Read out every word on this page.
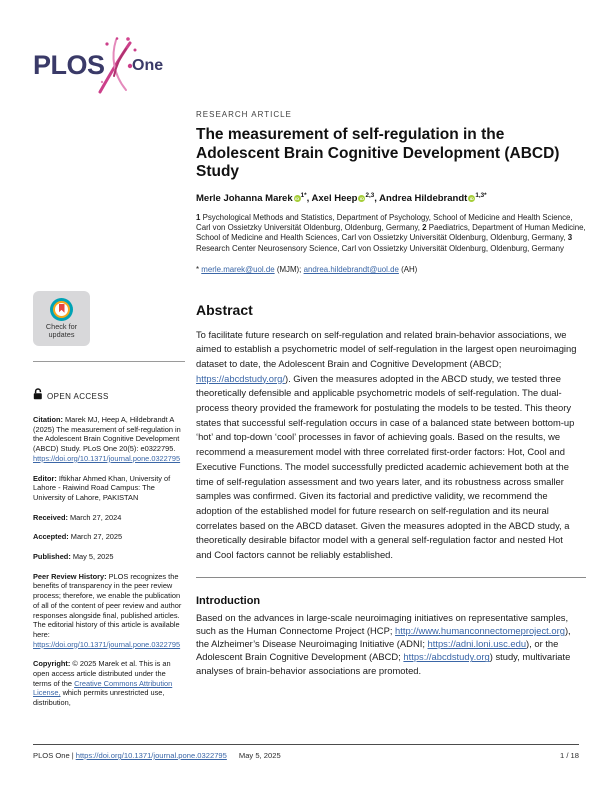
PLOS One
Check for
updates
OPEN ACCESS

Citation: Marek MJ, Heep A, Hildebrandt A (2025) The measurement of self-regulation in the Adolescent Brain Cognitive Development (ABCD) Study. PLoS One 20(5): e0322795. https://doi.org/10.1371/journal.pone.0322795

Editor: Iftikhar Ahmed Khan, University of Lahore - Raiwind Road Campus: The University of Lahore, PAKISTAN

Received: March 27, 2024

Accepted: March 27, 2025

Published: May 5, 2025

Peer Review History: PLOS recognizes the benefits of transparency in the peer review process; therefore, we enable the publication of all of the content of peer review and author responses alongside final, published articles. The editorial history of this article is available here: https://doi.org/10.1371/journal.pone.0322795

Copyright: © 2025 Marek et al. This is an open access article distributed under the terms of the Creative Commons Attribution License, which permits unrestricted use, distribution,

RESEARCH ARTICLE
The measurement of self-regulation in the Adolescent Brain Cognitive Development (ABCD) Study
Merle Johanna Marek iD $^{1*}$, Axel Heep iD $^{2,3}$, Andrea Hildebrandt iD $^{1,3*}$
1 Psychological Methods and Statistics, Department of Psychology, School of Medicine and Health Science, Carl von Ossietzky Universität Oldenburg, Oldenburg, Germany, 2 Paediatrics, Department of Human Medicine, School of Medicine and Health Sciences, Carl von Ossietzky Universität Oldenburg, Oldenburg, Germany, 3 Research Center Neurosensory Science, Carl von Ossietzky Universität Oldenburg, Oldenburg, Germany
* merle.marek@uol.de (MJM); andrea.hildebrandt@uol.de (AH)
Abstract
To facilitate future research on self-regulation and related brain-behavior associations, we aimed to establish a psychometric model of self-regulation in the largest open neuroimaging dataset to date, the Adolescent Brain and Cognitive Development (ABCD; https://abcdstudy.org/). Given the measures adopted in the ABCD study, we tested three theoretically defensible and applicable psychometric models of self-regulation. The dual-process theory provided the framework for postulating the models to be tested. This theory states that successful self-regulation occurs in case of a balanced state between bottom-up ‘hot’ and top-down ‘cool’ processes in favor of achieving goals. Based on the results, we recommend a measurement model with three correlated first-order factors: Hot, Cool and Executive Functions. The model successfully predicted academic achievement both at the time of self-regulation assessment and two years later, and its robustness across smaller samples was confirmed. Given its factorial and predictive validity, we recommend the adoption of the established model for future research on self-regulation and its neural correlates based on the ABCD dataset. Given the measures adopted in the ABCD study, a theoretically desirable bifactor model with a general self-regulation factor and nested Hot and Cool factors cannot be reliably established.
Introduction
Based on the advances in large-scale neuroimaging initiatives on representative samples, such as the Human Connectome Project (HCP; http://www.humanconnectomeproject.org), the Alzheimer’s Disease Neuroimaging Initiative (ADNI; https://adni.loni.usc.edu), or the Adolescent Brain Cognitive Development (ABCD; https://abcdstudy.org) study, multivariate analyses of brain-behavior associations are promoted.
PLOS One | https://doi.org/10.1371/journal.pone.0322795 May 5, 2025	1 / 18
